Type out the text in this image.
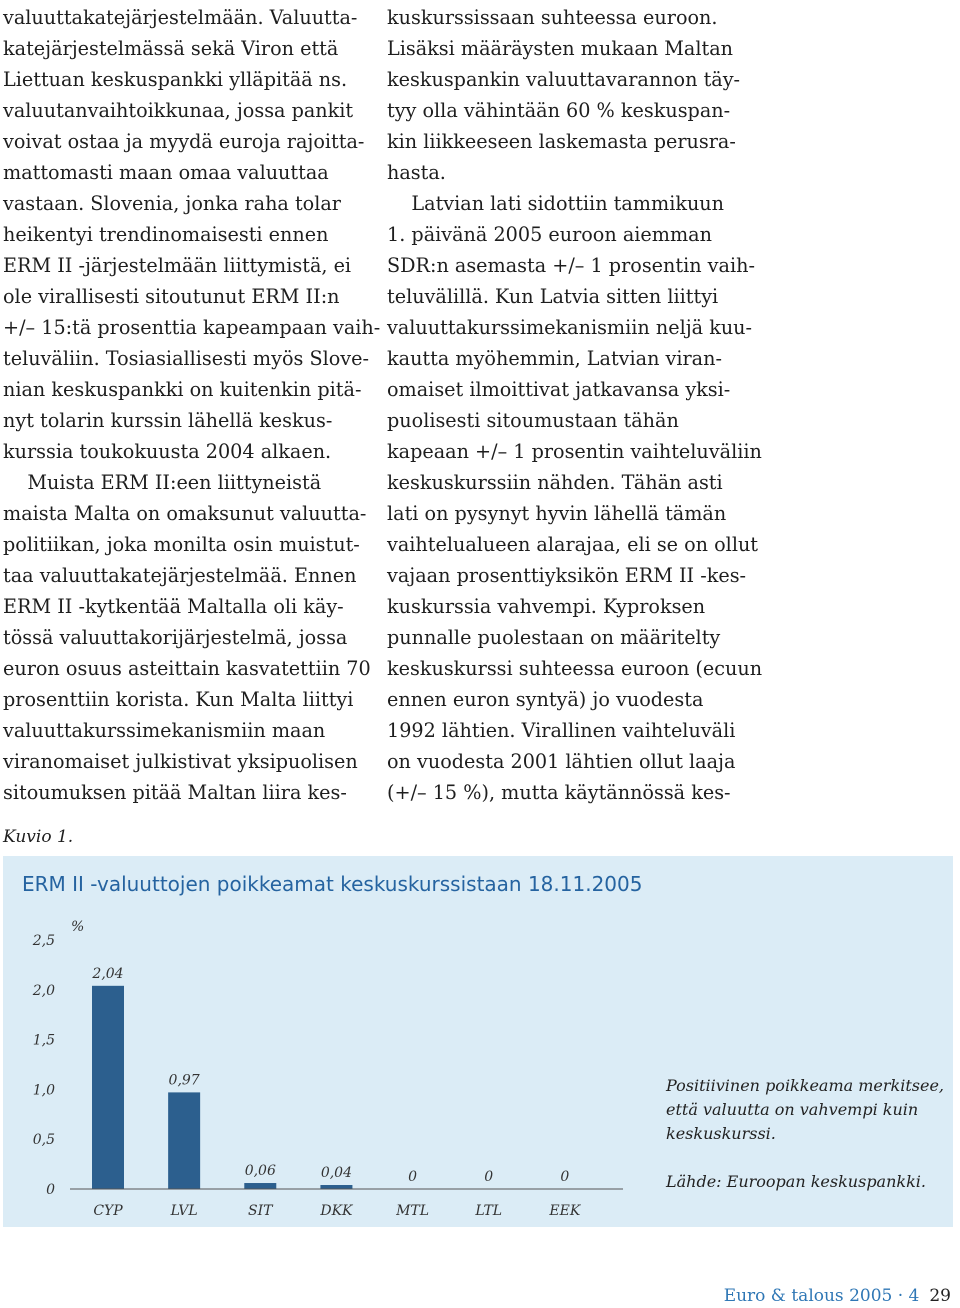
valuuttakatejärjestelmään. Valuutta-
katejärjestelmässä sekä Viron että
Liettuan keskuspankki ylläpitää ns.
valuutanvaihtoikkunaa, jossa pankit
voivat ostaa ja myydä euroja rajoitta-
mattomasti maan omaa valuuttaa
vastaan. Slovenia, jonka raha tolar
heikentyi trendinomaisesti ennen
ERM II -järjestelmään liittymistä, ei
ole virallisesti sitoutunut ERM II:n
+/– 15:tä prosenttia kapeampaan vaih-
teluväliin. Tosiasiallisesti myös Slove-
nian keskuspankki on kuitenkin pitä-
nyt tolarin kurssin lähellä keskus-
kurssia toukokuusta 2004 alkaen.
Muista ERM II:een liittyneistä
maista Malta on omaksunut valuutta-
politiikan, joka monilta osin muistut-
taa valuuttakatejärjestelmää. Ennen
ERM II -kytkentää Maltalla oli käy-
tössä valuuttakorijärjestelmä, jossa
euron osuus asteittain kasvatettiin 70
prosenttiin korista. Kun Malta liittyi
valuuttakurssimekanismiin maan
viranomaiset julkistivat yksipuolisen
sitoumuksen pitää Maltan liira kes-
kuskurssissaan suhteessa euroon.
Lisäksi määräysten mukaan Maltan
keskuspankin valuuttavarannon täy-
tyy olla vähintään 60 % keskuspan-
kin liikkeeseen laskemasta perusra-
hasta.
Latvian lati sidottiin tammikuun
1. päivänä 2005 euroon aiemman
SDR:n asemasta +/– 1 prosentin vaih-
teluvälillä. Kun Latvia sitten liittyi
valuuttakurssimekanismiin neljä kuu-
kautta myöhemmin, Latvian viran-
omaiset ilmoittivat jatkavansa yksi-
puolisesti sitoumustaan tähän
kapeaan +/– 1 prosentin vaihteluväliin
keskuskurssiin nähden. Tähän asti
lati on pysynyt hyvin lähellä tämän
vaihtelualueen alarajaa, eli se on ollut
vajaan prosenttiyksikön ERM II -kes-
kuskurssia vahvempi. Kyproksen
punnalle puolestaan on määritelty
keskuskurssi suhteessa euroon (ecuun
ennen euron syntyä) jo vuodesta
1992 lähtien. Virallinen vaihteluväli
on vuodesta 2001 lähtien ollut laaja
(+/– 15 %), mutta käytännössä kes-
Kuvio 1.
ERM II -valuuttojen poikkeamat keskuskurssistaan 18.11.2005
%
0
0,5
1,0
1,5
2,0
2,5
2,04
CYP
0,97
LVL
0,06
SIT
0,04
DKK
0
MTL
0
LTL
0
EEK
Positiivinen poikkeama merkitsee,
että valuutta on vahvempi kuin
keskuskurssi.
Lähde: Euroopan keskuspankki.
Euro & talous 2005 · 4 29
